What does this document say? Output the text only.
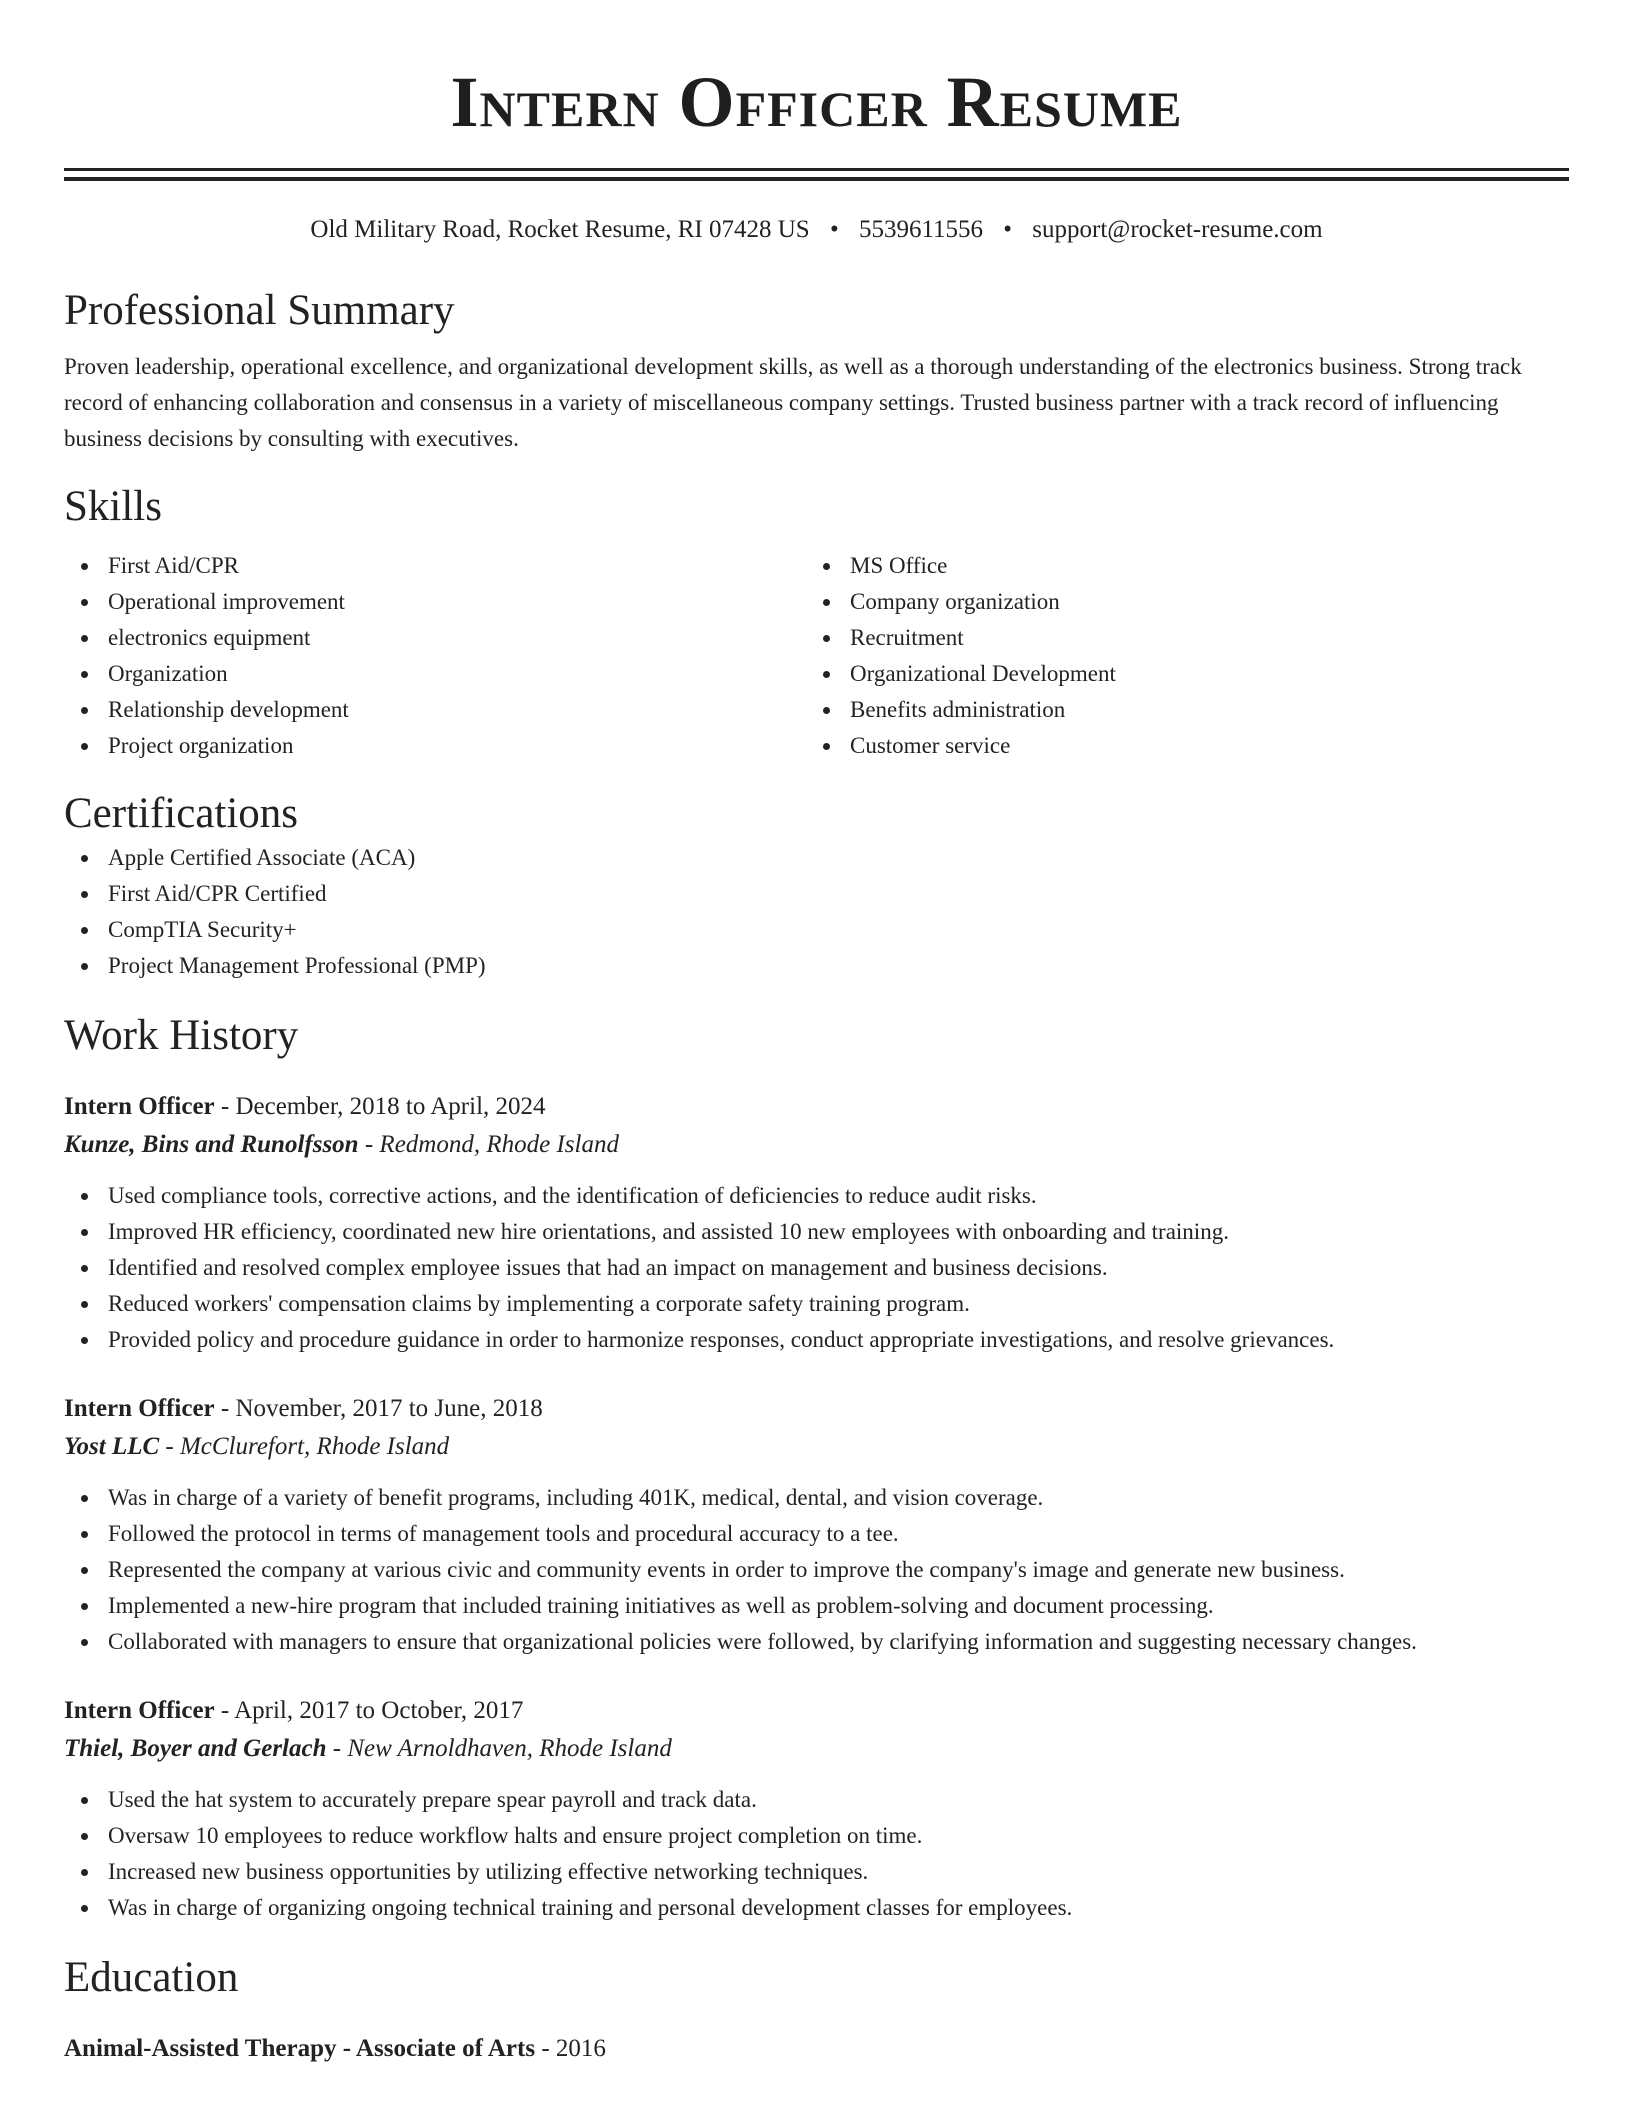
Intern Officer Resume
Old Military Road, Rocket Resume, RI 07428 US • 5539611556 • support@rocket-resume.com
Professional Summary
Proven leadership, operational excellence, and organizational development skills, as well as a thorough understanding of the electronics business. Strong track record of enhancing collaboration and consensus in a variety of miscellaneous company settings. Trusted business partner with a track record of influencing business decisions by consulting with executives.
Skills
First Aid/CPR
Operational improvement
electronics equipment
Organization
Relationship development
Project organization
MS Office
Company organization
Recruitment
Organizational Development
Benefits administration
Customer service
Certifications
Apple Certified Associate (ACA)
First Aid/CPR Certified
CompTIA Security+
Project Management Professional (PMP)
Work History
Intern Officer - December, 2018 to April, 2024
Kunze, Bins and Runolfsson - Redmond, Rhode Island
Used compliance tools, corrective actions, and the identification of deficiencies to reduce audit risks.
Improved HR efficiency, coordinated new hire orientations, and assisted 10 new employees with onboarding and training.
Identified and resolved complex employee issues that had an impact on management and business decisions.
Reduced workers' compensation claims by implementing a corporate safety training program.
Provided policy and procedure guidance in order to harmonize responses, conduct appropriate investigations, and resolve grievances.
Intern Officer - November, 2017 to June, 2018
Yost LLC - McClurefort, Rhode Island
Was in charge of a variety of benefit programs, including 401K, medical, dental, and vision coverage.
Followed the protocol in terms of management tools and procedural accuracy to a tee.
Represented the company at various civic and community events in order to improve the company's image and generate new business.
Implemented a new-hire program that included training initiatives as well as problem-solving and document processing.
Collaborated with managers to ensure that organizational policies were followed, by clarifying information and suggesting necessary changes.
Intern Officer - April, 2017 to October, 2017
Thiel, Boyer and Gerlach - New Arnoldhaven, Rhode Island
Used the hat system to accurately prepare spear payroll and track data.
Oversaw 10 employees to reduce workflow halts and ensure project completion on time.
Increased new business opportunities by utilizing effective networking techniques.
Was in charge of organizing ongoing technical training and personal development classes for employees.
Education
Animal-Assisted Therapy - Associate of Arts - 2016
